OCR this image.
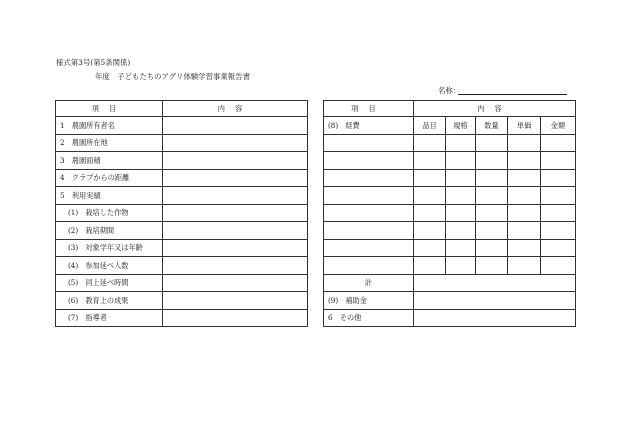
様式第3号(第5条関係)
年度　子どもたちのアグリ体験学習事業報告書
名称：
項目	内容
1　農園所有者名	
2　農園所在地	
3　農園面積	
4　クラブからの距離	
5　利用実績	
(1)　栽培した作物	
(2)　栽培期間	
(3)　対象学年又は年齢	
(4)　参加延べ人数	
(5)　同上延べ時間	
(6)　教育上の成果	
(7)　指導者	
項目	内容				
(8)　経費	品目	規格	数量	単価	金額

計					
(9)　補助金					
6　その他					
